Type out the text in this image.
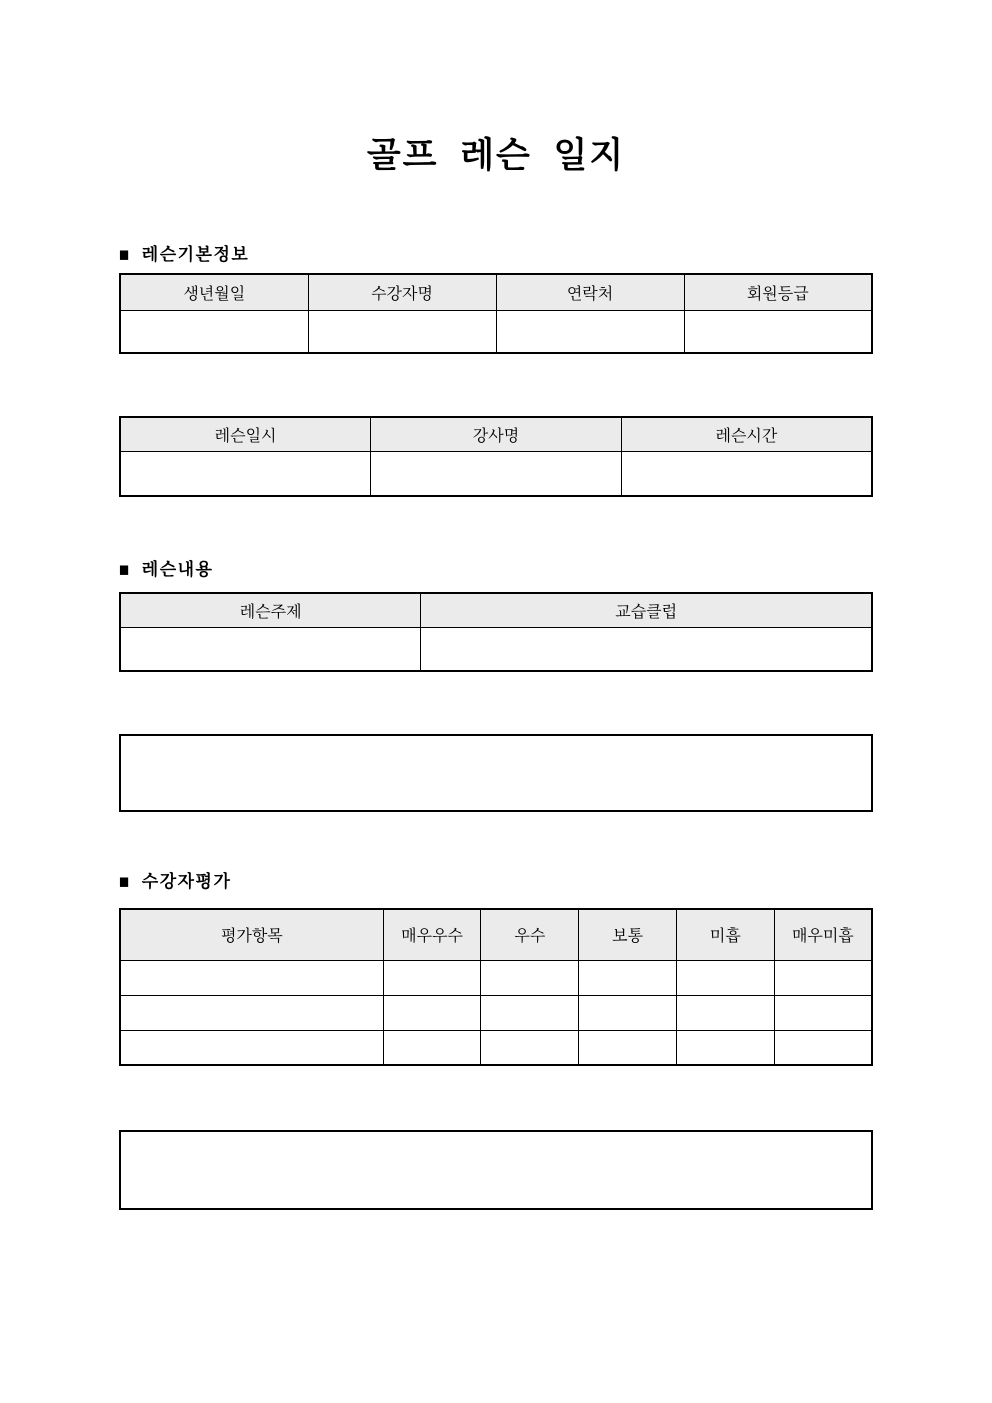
골프 레슨 일지
■ 레슨기본정보
생년월일	수강자명	연락처	회원등급

레슨일시	강사명	레슨시간

■ 레슨내용
레슨주제	교습클럽

■ 수강자평가
평가항목	매우우수	우수	보통	미흡	매우미흡
